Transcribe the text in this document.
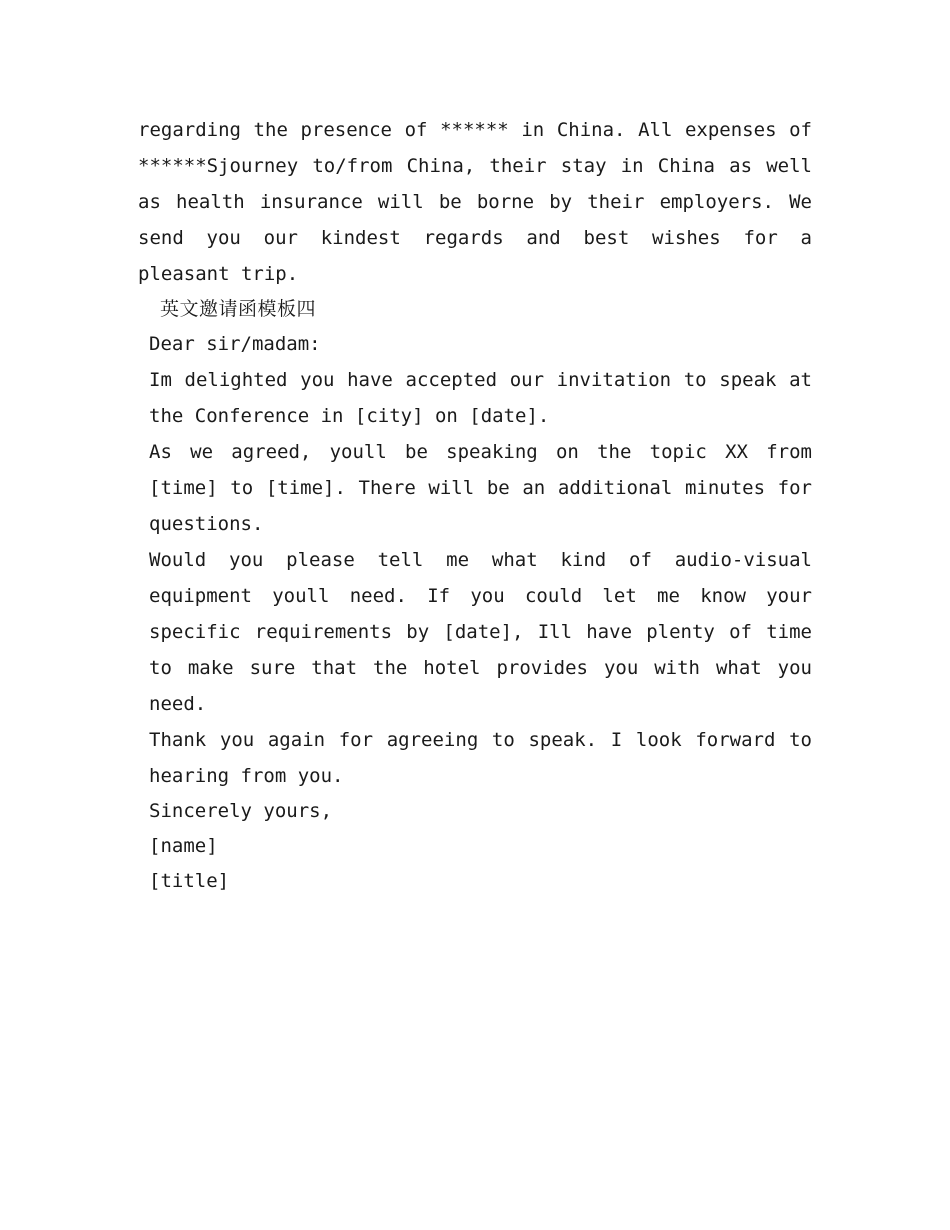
regarding the presence of ****** in China. All expenses of ******Sjourney to/from China, their stay in China as well as health insurance will be borne by their employers. We send you our kindest regards and best wishes for a pleasant trip.

英文邀请函模板四

Dear sir/madam:

Im delighted you have accepted our invitation to speak at the Conference in [city] on [date].

As we agreed, youll be speaking on the topic XX from [time] to [time]. There will be an additional minutes for questions.

Would you please tell me what kind of audio-visual equipment youll need. If you could let me know your specific requirements by [date], Ill have plenty of time to make sure that the hotel provides you with what you need.

Thank you again for agreeing to speak. I look forward to hearing from you.

Sincerely yours,

[name]

[title]
